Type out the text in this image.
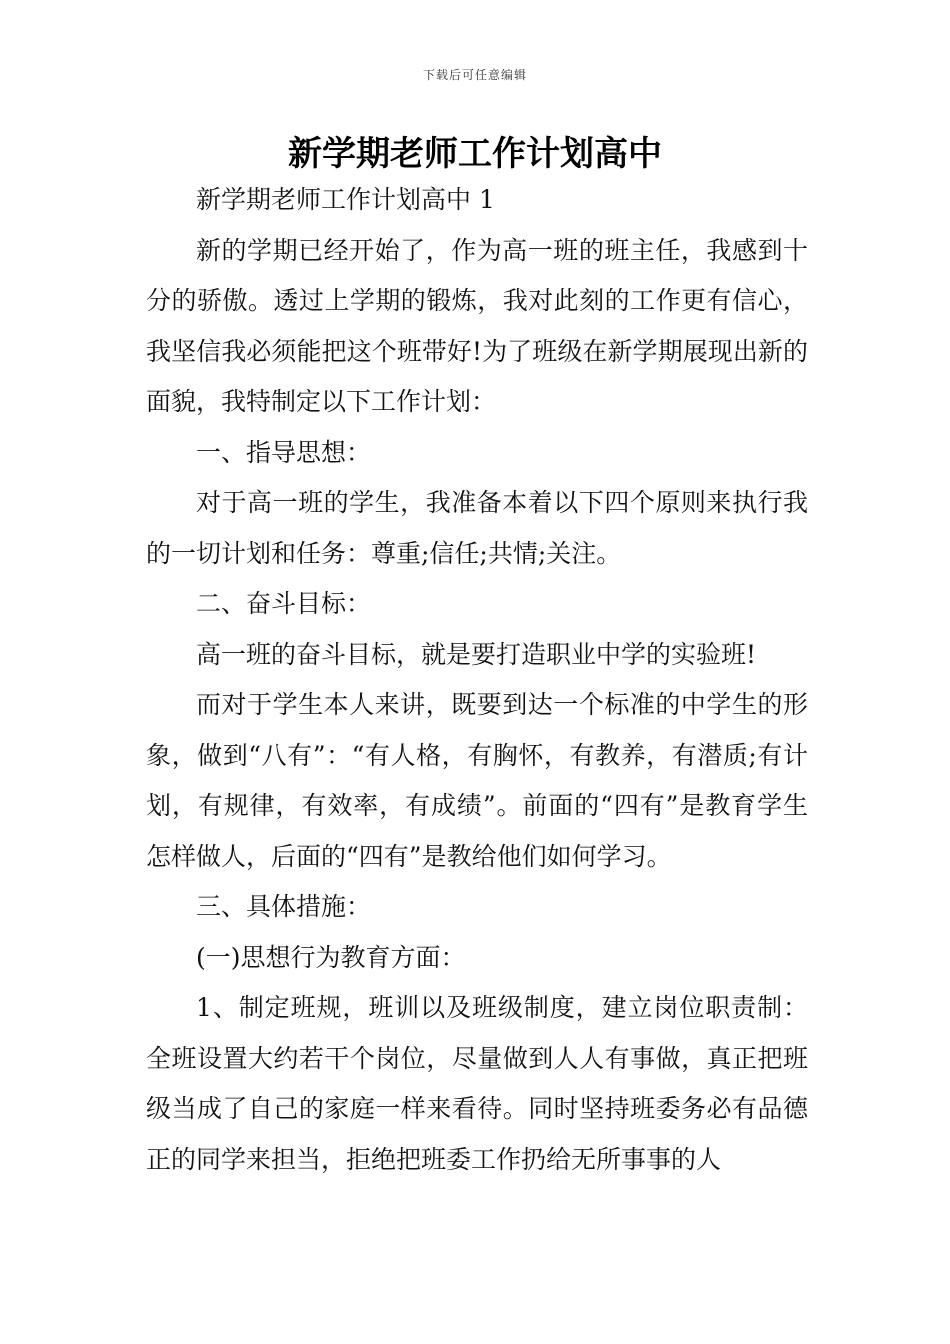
下载后可任意编辑
新学期老师工作计划高中

新学期老师工作计划高中 1

新的学期已经开始了，作为高一班的班主任，我感到十分的骄傲。透过上学期的锻炼，我对此刻的工作更有信心，我坚信我必须能把这个班带好!为了班级在新学期展现出新的面貌，我特制定以下工作计划：

一、指导思想：

对于高一班的学生，我准备本着以下四个原则来执行我的一切计划和任务：尊重;信任;共情;关注。

二、奋斗目标：

高一班的奋斗目标，就是要打造职业中学的实验班!

而对于学生本人来讲，既要到达一个标准的中学生的形象，做到“八有”：“有人格，有胸怀，有教养，有潜质;有计划，有规律，有效率，有成绩”。前面的“四有”是教育学生怎样做人，后面的“四有”是教给他们如何学习。

三、具体措施：

(一)思想行为教育方面：

1、制定班规，班训以及班级制度，建立岗位职责制：全班设置大约若干个岗位，尽量做到人人有事做，真正把班级当成了自己的家庭一样来看待。同时坚持班委务必有品德正的同学来担当，拒绝把班委工作扔给无所事事的人
